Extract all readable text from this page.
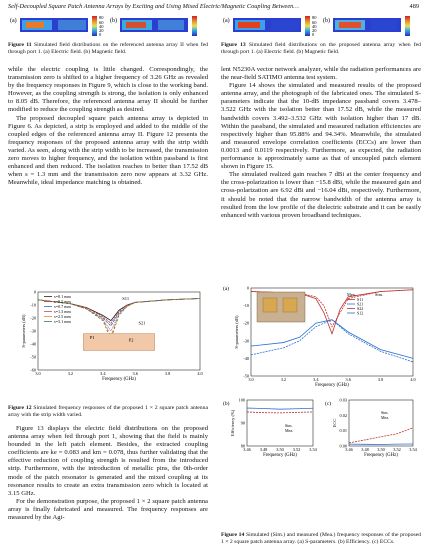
Self-Decoupled Square Patch Antenna Arrays by Exciting and Using Mixed Electric/Magnetic Coupling Between…	489
(a)
80
60
40
20
0
(b)
Figure 11 Simulated field distributions on the referenced antenna array II when fed through port 1. (a) Electric field. (b) Magnetic field.

while the electric coupling is little changed. Correspondingly, the transmission zero is shifted to a higher frequency of 3.26 GHz as revealed by the frequency responses in Figure 9, which is close to the working band. However, as the coupling strength is strong, the isolation is only enhanced to 8.05 dB. Therefore, the referenced antenna array II should be further modified to reduce the coupling strength as desired.

The proposed decoupled square patch antenna array is depicted in Figure 6. As depicted, a strip is employed and added to the middle of the coupled edges of the referenced antenna array II. Figure 12 presents the frequency responses of the proposed antenna array with the strip width varied. As seen, along with the strip width to be increased, the transmission zero moves to higher frequency, and the isolation within passband is first enhanced and then reduced. The isolation reaches to better than 17.52 dB when s = 1.3 mm and the transmission zero now appears at 3.32 GHz. Meanwhile, ideal impedance matching is obtained.

3.0	3.2	3.4	3.6	3.8	4.0
0
-10
-20
-30
-40
-50
-60
Frequency (GHz)
S-parameters (dB)	P1
P2
S11
S21
s=0.1 mm
s=0.5 mm
s=0.7 mm
s=1.3 mm
s=2.5 mm
s=3.1 mm
Figure 12 Simulated frequency responses of the proposed 1 × 2 square patch antenna array with the strip width varied.

Figure 13 displays the electric field distributions on the proposed antenna array when fed through port 1, showing that the field is mainly bounded in the left patch element. Besides, the extracted coupling coefficients are ke = 0.083 and km = 0.078, thus further validating that the effective reduction of coupling strength is resulted from the introduced strip. Furthermore, with the introduction of metallic pins, the 0th-order mode of the patch resonator is generated and the mixed coupling at its resonance results to create an extra transmission zero which is located at 3.15 GHz.

For the demonstration purpose, the proposed 1 × 2 square patch antenna array is finally fabricated and measured. The frequency responses are measured by the Agi-

(a)
80
60
40
20
0
(b)
Figure 13 Simulated field distributions on the proposed antenna array when fed through port 1. (a) Electric field. (b) Magnetic field.

lent N5230A vector network analyzer, while the radiation performances are the near-field SATIMO antenna test system.

Figure 14 shows the simulated and measured results of the proposed antenna array, and the photograph of the fabricated ones. The simulated S-parameters indicate that the 10-dB impedance passband covers 3.478–3.522 GHz with the isolation better than 17.52 dB, while the measured bandwidth covers 3.492–3.532 GHz with isolation higher than 17 dB. Within the passband, the simulated and measured radiation efficiencies are respectively higher than 95.88% and 94.34%. Meanwhile, the simulated and measured envelope correlation coefficients (ECCs) are lower than 0.0013 and 0.0119 respectively. Furthermore, as expected, the radiation performance is approximately same as that of uncoupled patch element shown in Figure 15.

The simulated realized gain reaches 7 dBi at the center frequency and the cross-polarization is lower than −15.8 dBi, while the measured gain and cross-polarization are 6.92 dBi and −16.04 dBi, respectively. Furthermore, it should be noted that the narrow bandwidth of the antenna array is resulted from the low profile of the dielectric substrate and it can be easily enhanced with various proven broadband techniques.

(a)
3.0	3.2	3.4	3.6	3.8	4.0
0
-10
-20
-30
-40
-50
Frequency (GHz)
S-parameters (dB)
Mea.	Sim.
S11
S21
S22
S12
(b)
3.46 3.48 3.50 3.52 3.54
100
90
80
Frequency (GHz)
Efficiency (%)	Sim.
Mea.
(c)
3.46 3.48 3.50 3.52 3.54
0.03
0.02
0.01
0.00
Frequency (GHz)
ECC
Sim.
Mea.
Figure 14 Simulated (Sim.) and measured (Mea.) frequency responses of the proposed 1 × 2 square patch antenna array. (a) S-parameters. (b) Efficiency. (c) ECCs.
